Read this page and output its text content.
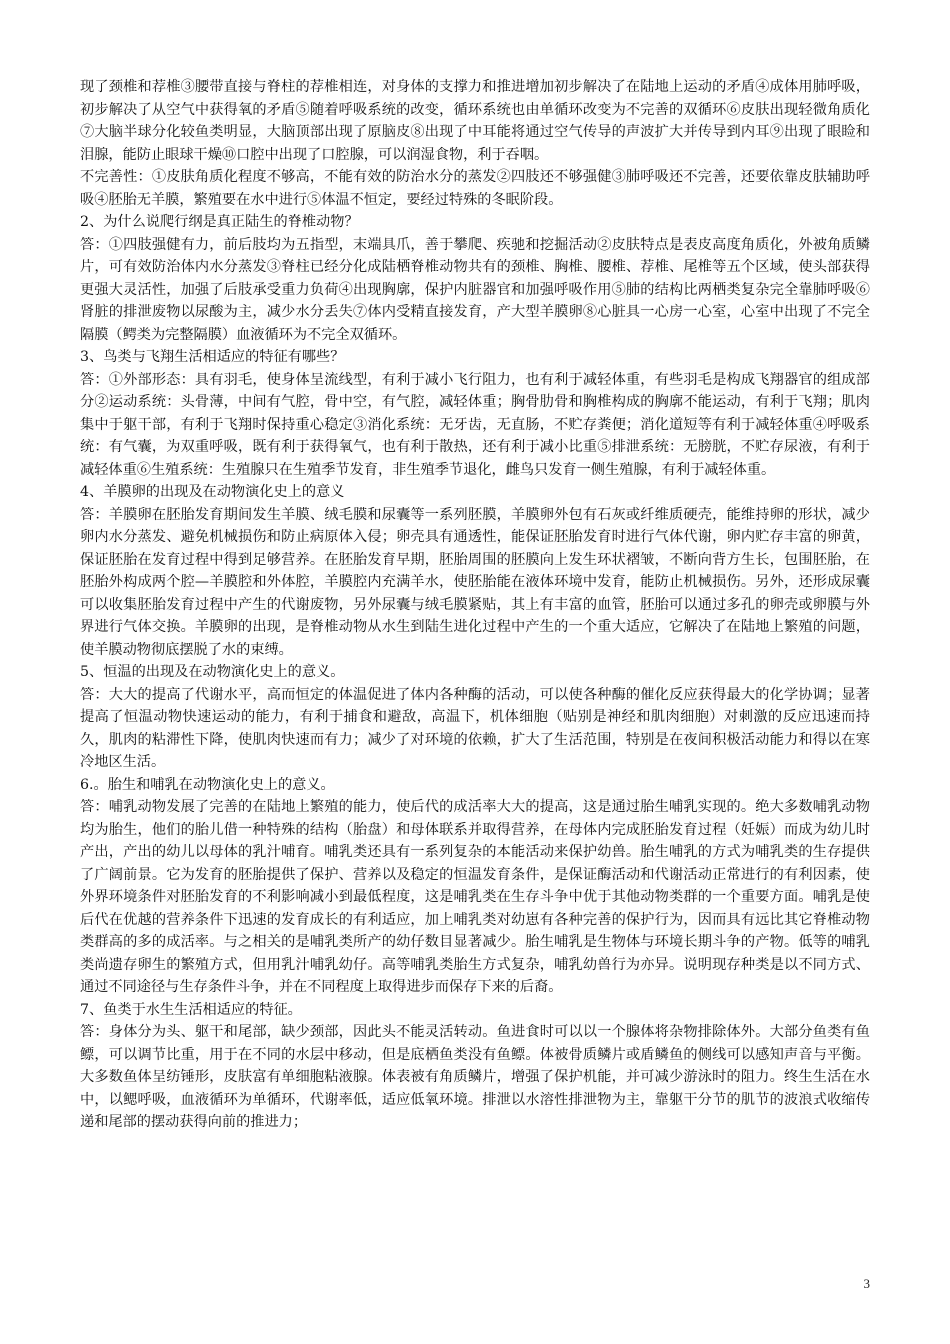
现了颈椎和荐椎③腰带直接与脊柱的荐椎相连，对身体的支撑力和推进增加初步解决了在陆地上运动的矛盾④成体用肺呼吸，初步解决了从空气中获得氧的矛盾⑤随着呼吸系统的改变，循环系统也由单循环改变为不完善的双循环⑥皮肤出现轻微角质化⑦大脑半球分化较鱼类明显，大脑顶部出现了原脑皮⑧出现了中耳能将通过空气传导的声波扩大并传导到内耳⑨出现了眼睑和泪腺，能防止眼球干燥⑩口腔中出现了口腔腺，可以润湿食物，利于吞咽。

不完善性：①皮肤角质化程度不够高，不能有效的防治水分的蒸发②四肢还不够强健③肺呼吸还不完善，还要依靠皮肤辅助呼吸④胚胎无羊膜，繁殖要在水中进行⑤体温不恒定，要经过特殊的冬眠阶段。

2、为什么说爬行纲是真正陆生的脊椎动物？

答：①四肢强健有力，前后肢均为五指型，末端具爪，善于攀爬、疾驰和挖掘活动②皮肤特点是表皮高度角质化，外被角质鳞片，可有效防治体内水分蒸发③脊柱已经分化成陆栖脊椎动物共有的颈椎、胸椎、腰椎、荐椎、尾椎等五个区域，使头部获得更强大灵活性，加强了后肢承受重力负荷④出现胸廓，保护内脏器官和加强呼吸作用⑤肺的结构比两栖类复杂完全靠肺呼吸⑥肾脏的排泄废物以尿酸为主，减少水分丢失⑦体内受精直接发育，产大型羊膜卵⑧心脏具一心房一心室，心室中出现了不完全隔膜（鳄类为完整隔膜）血液循环为不完全双循环。

3、鸟类与飞翔生活相适应的特征有哪些？

答：①外部形态：具有羽毛，使身体呈流线型，有利于减小飞行阻力，也有利于减轻体重，有些羽毛是构成飞翔器官的组成部分②运动系统：头骨薄，中间有气腔，骨中空，有气腔，减轻体重；胸骨肋骨和胸椎构成的胸廓不能运动，有利于飞翔；肌肉集中于躯干部，有利于飞翔时保持重心稳定③消化系统：无牙齿，无直肠，不贮存粪便；消化道短等有利于减轻体重④呼吸系统：有气囊，为双重呼吸，既有利于获得氧气，也有利于散热，还有利于减小比重⑤排泄系统：无膀胱，不贮存尿液，有利于减轻体重⑥生殖系统：生殖腺只在生殖季节发育，非生殖季节退化，雌鸟只发育一侧生殖腺，有利于减轻体重。

4、羊膜卵的出现及在动物演化史上的意义

答：羊膜卵在胚胎发育期间发生羊膜、绒毛膜和尿囊等一系列胚膜，羊膜卵外包有石灰或纤维质硬壳，能维持卵的形状，减少卵内水分蒸发、避免机械损伤和防止病原体入侵；卵壳具有通透性，能保证胚胎发育时进行气体代谢，卵内贮存丰富的卵黄，保证胚胎在发育过程中得到足够营养。在胚胎发育早期，胚胎周围的胚膜向上发生环状褶皱，不断向背方生长，包围胚胎，在胚胎外构成两个腔—羊膜腔和外体腔，羊膜腔内充满羊水，使胚胎能在液体环境中发育，能防止机械损伤。另外，还形成尿囊可以收集胚胎发育过程中产生的代谢废物，另外尿囊与绒毛膜紧贴，其上有丰富的血管，胚胎可以通过多孔的卵壳或卵膜与外界进行气体交换。羊膜卵的出现，是脊椎动物从水生到陆生进化过程中产生的一个重大适应，它解决了在陆地上繁殖的问题，使羊膜动物彻底摆脱了水的束缚。

5、恒温的出现及在动物演化史上的意义。

答：大大的提高了代谢水平，高而恒定的体温促进了体内各种酶的活动，可以使各种酶的催化反应获得最大的化学协调；显著提高了恒温动物快速运动的能力，有利于捕食和避敌，高温下，机体细胞（贴别是神经和肌肉细胞）对刺激的反应迅速而持久，肌肉的粘滞性下降，使肌肉快速而有力；减少了对环境的依赖，扩大了生活范围，特别是在夜间积极活动能力和得以在寒冷地区生活。

6.。胎生和哺乳在动物演化史上的意义。

答：哺乳动物发展了完善的在陆地上繁殖的能力，使后代的成活率大大的提高，这是通过胎生哺乳实现的。绝大多数哺乳动物均为胎生，他们的胎儿借一种特殊的结构（胎盘）和母体联系并取得营养，在母体内完成胚胎发育过程（妊娠）而成为幼儿时产出，产出的幼儿以母体的乳汁哺育。哺乳类还具有一系列复杂的本能活动来保护幼兽。胎生哺乳的方式为哺乳类的生存提供了广阔前景。它为发育的胚胎提供了保护、营养以及稳定的恒温发育条件，是保证酶活动和代谢活动正常进行的有利因素，使外界环境条件对胚胎发育的不利影响减小到最低程度，这是哺乳类在生存斗争中优于其他动物类群的一个重要方面。哺乳是使后代在优越的营养条件下迅速的发育成长的有利适应，加上哺乳类对幼崽有各种完善的保护行为，因而具有远比其它脊椎动物类群高的多的成活率。与之相关的是哺乳类所产的幼仔数目显著减少。胎生哺乳是生物体与环境长期斗争的产物。低等的哺乳类尚遗存卵生的繁殖方式，但用乳汁哺乳幼仔。高等哺乳类胎生方式复杂，哺乳幼兽行为亦异。说明现存种类是以不同方式、通过不同途径与生存条件斗争，并在不同程度上取得进步而保存下来的后裔。

7、鱼类于水生生活相适应的特征。

答：身体分为头、躯干和尾部，缺少颈部，因此头不能灵活转动。鱼进食时可以以一个腺体将杂物排除体外。大部分鱼类有鱼鳔，可以调节比重，用于在不同的水层中移动，但是底栖鱼类没有鱼鳔。体被骨质鳞片或盾鳞鱼的侧线可以感知声音与平衡。大多数鱼体呈纺锤形，皮肤富有单细胞粘液腺。体表被有角质鳞片，增强了保护机能，并可减少游泳时的阻力。终生生活在水中，以鳃呼吸，血液循环为单循环，代谢率低，适应低氧环境。排泄以水溶性排泄物为主，靠躯干分节的肌节的波浪式收缩传递和尾部的摆动获得向前的推进力；

3
